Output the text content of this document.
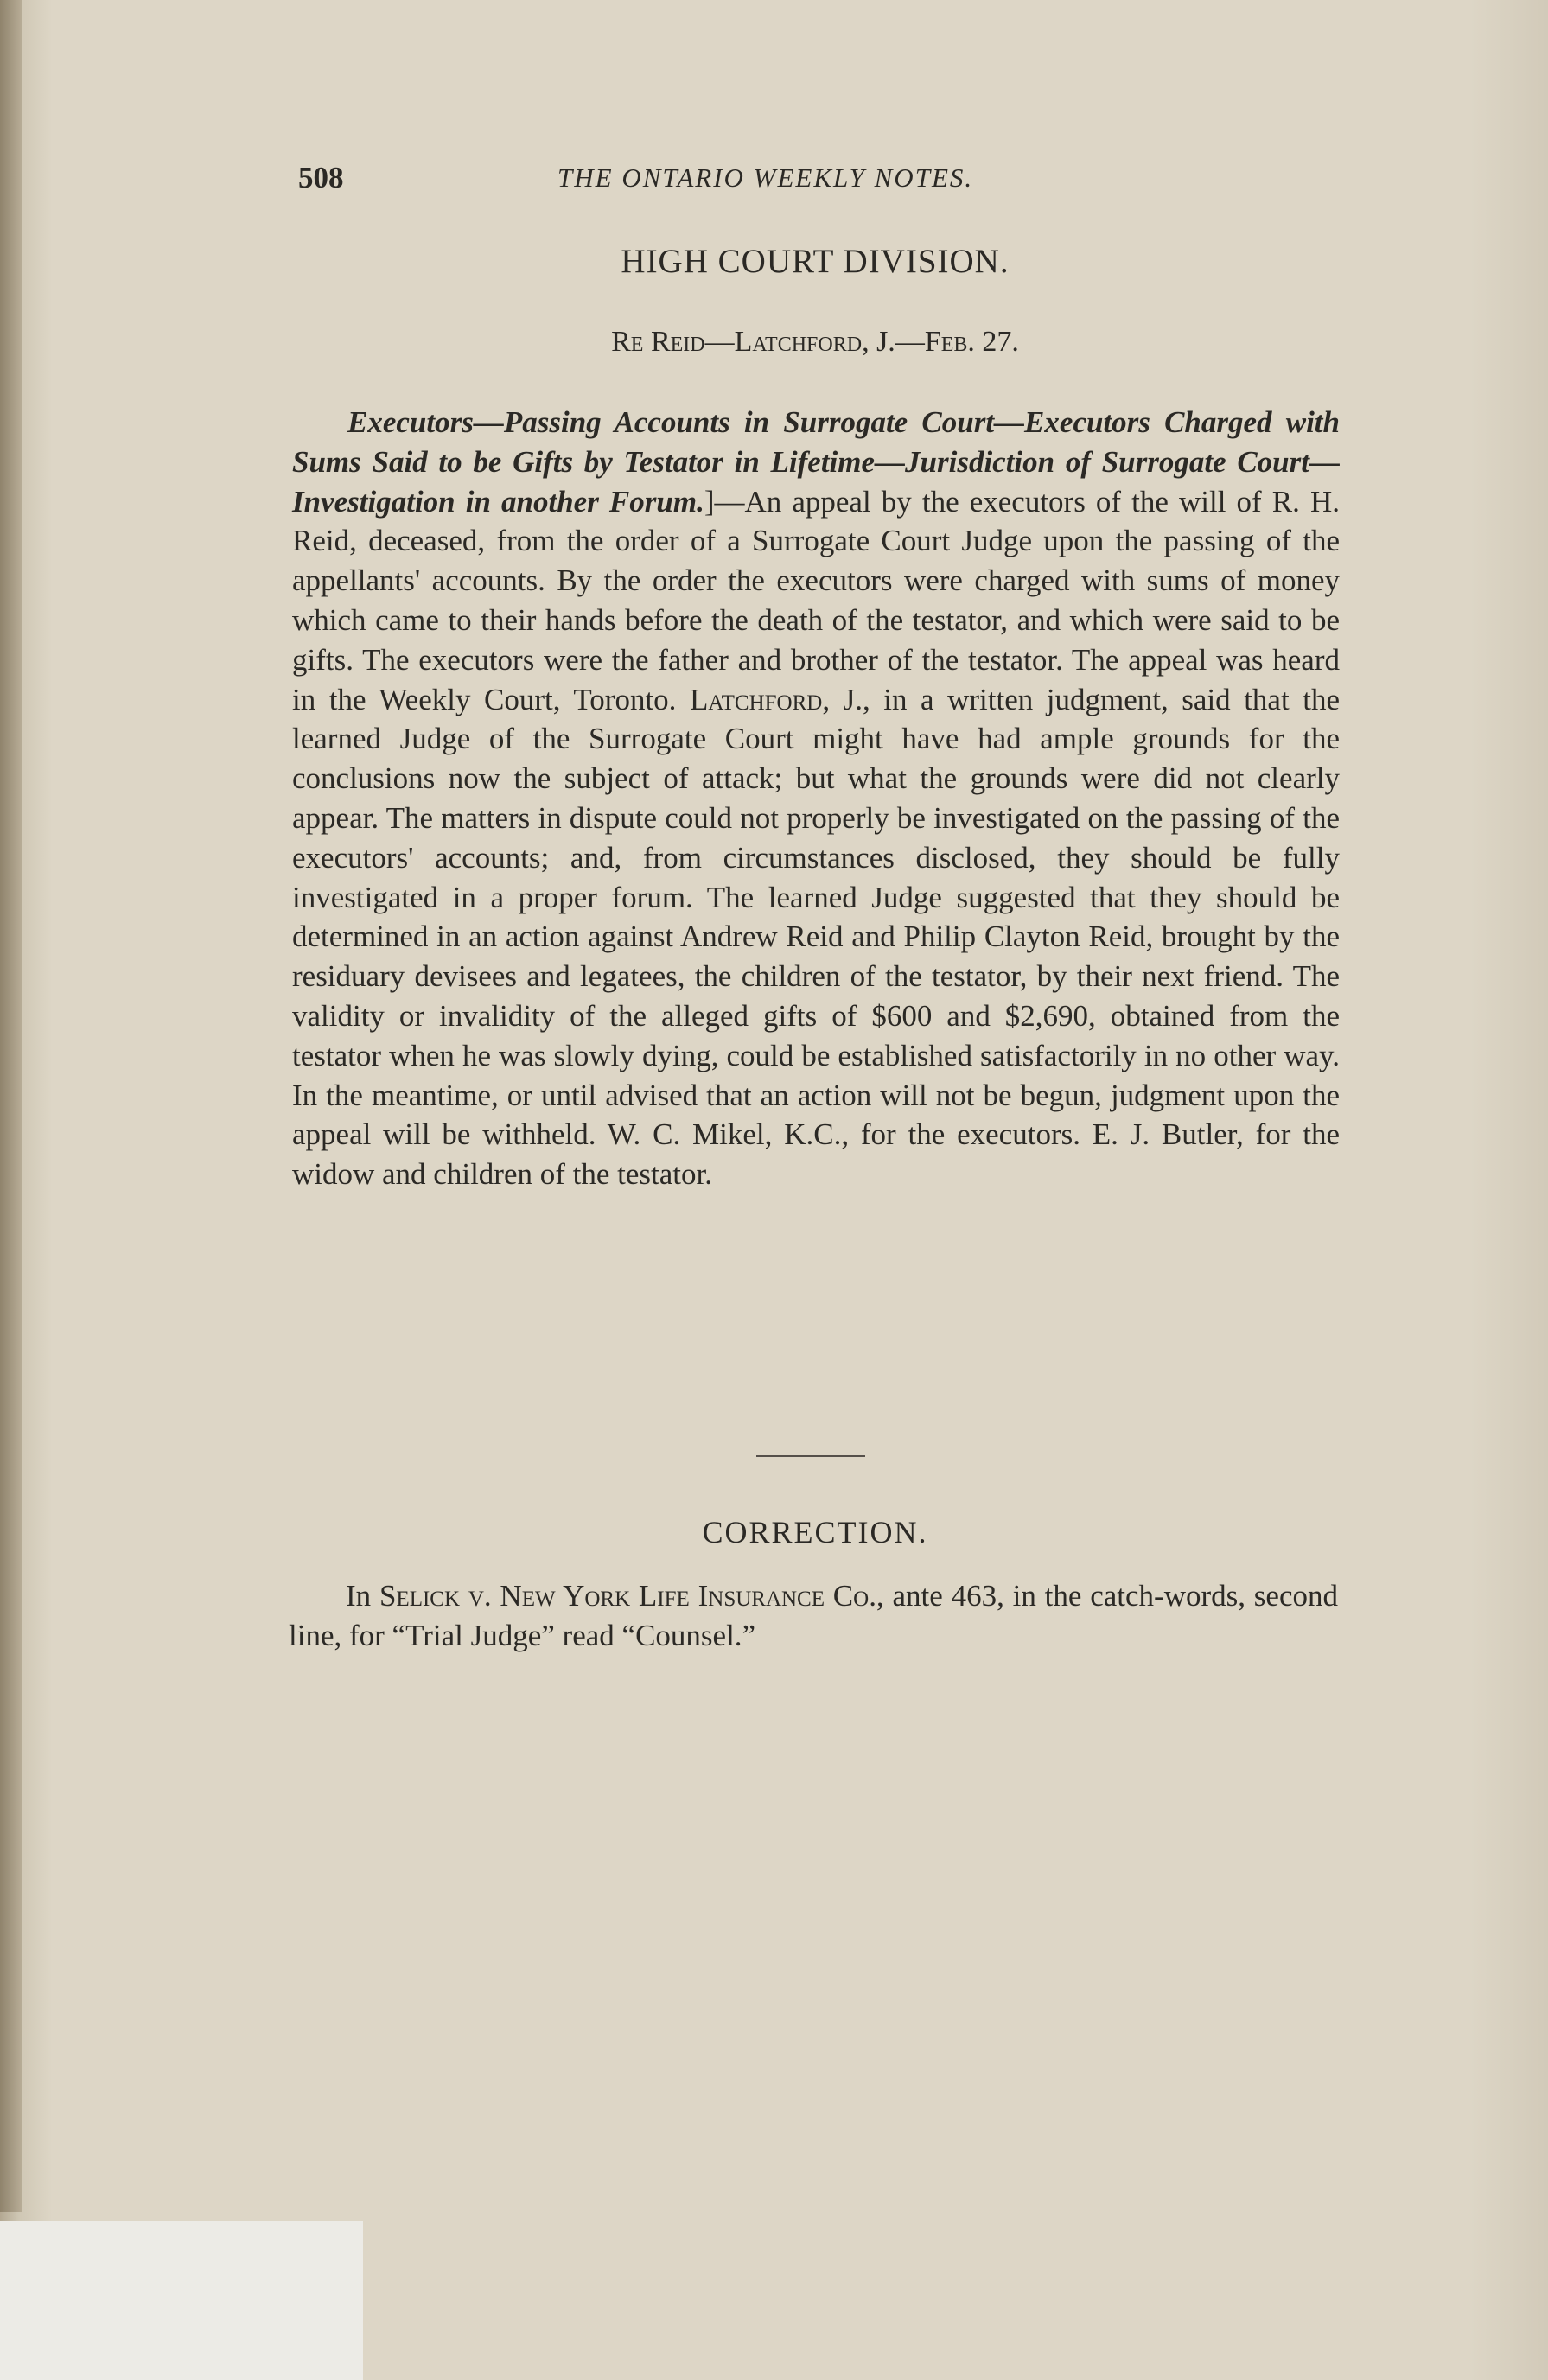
508	THE ONTARIO WEEKLY NOTES.
HIGH COURT DIVISION.
Re Reid—Latchford, J.—Feb. 27.
Executors—Passing Accounts in Surrogate Court—Executors Charged with Sums Said to be Gifts by Testator in Lifetime—Jurisdiction of Surrogate Court—Investigation in another Forum.]—An appeal by the executors of the will of R. H. Reid, deceased, from the order of a Surrogate Court Judge upon the passing of the appellants' accounts. By the order the executors were charged with sums of money which came to their hands before the death of the testator, and which were said to be gifts. The executors were the father and brother of the testator. The appeal was heard in the Weekly Court, Toronto. Latchford, J., in a written judgment, said that the learned Judge of the Surrogate Court might have had ample grounds for the conclusions now the subject of attack; but what the grounds were did not clearly appear. The matters in dispute could not properly be investigated on the passing of the executors' accounts; and, from circumstances disclosed, they should be fully investigated in a proper forum. The learned Judge suggested that they should be determined in an action against Andrew Reid and Philip Clayton Reid, brought by the residuary devisees and legatees, the children of the testator, by their next friend. The validity or invalidity of the alleged gifts of $600 and $2,690, obtained from the testator when he was slowly dying, could be established satisfactorily in no other way. In the meantime, or until advised that an action will not be begun, judgment upon the appeal will be withheld. W. C. Mikel, K.C., for the executors. E. J. Butler, for the widow and children of the testator.
CORRECTION.
In Selick v. New York Life Insurance Co., ante 463, in the catch-words, second line, for “Trial Judge” read “Counsel.”
